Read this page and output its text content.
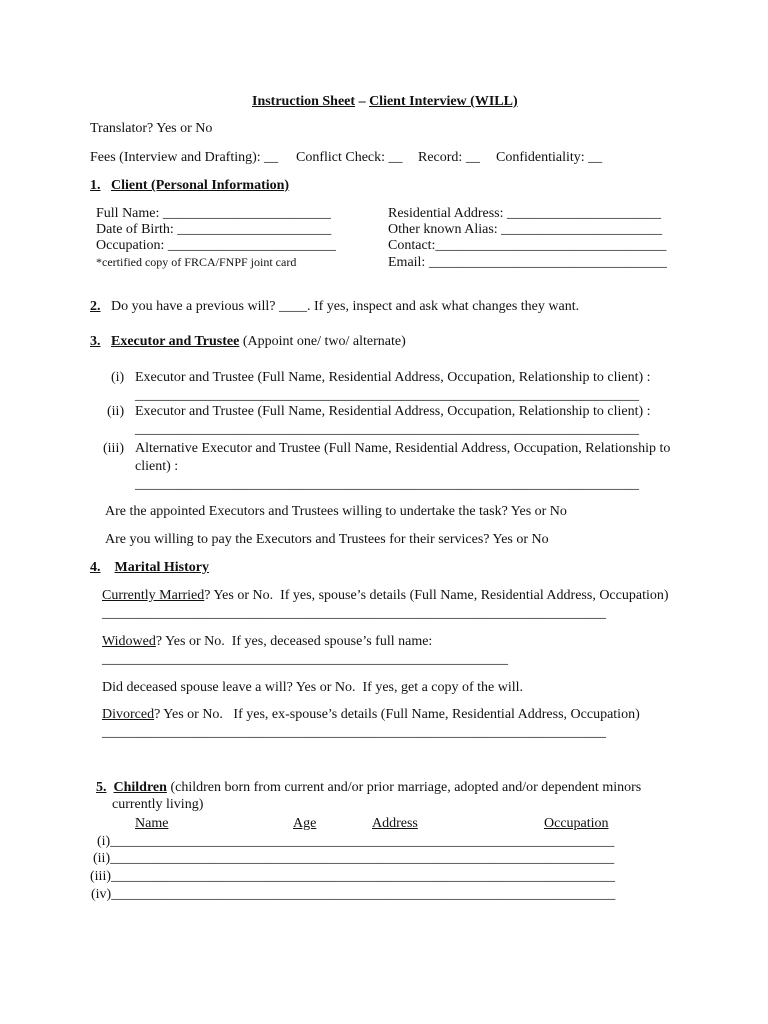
Instruction Sheet – Client Interview (WILL)
Translator? Yes or No
Fees (Interview and Drafting): __ Conflict Check: __ Record: __ Confidentiality: __
1. Client (Personal Information)
Full Name: ________________________
Date of Birth: ______________________
Occupation: ________________________
*certified copy of FRCA/FNPF joint card
Residential Address: ______________________
Other known Alias: _______________________
Contact:_________________________________
Email: __________________________________
2. Do you have a previous will? ____. If yes, inspect and ask what changes they want.
3. Executor and Trustee (Appoint one/ two/ alternate)
(i) Executor and Trustee (Full Name, Residential Address, Occupation, Relationship to client) :
________________________________________________________________________
(ii) Executor and Trustee (Full Name, Residential Address, Occupation, Relationship to client) :
________________________________________________________________________
(iii) Alternative Executor and Trustee (Full Name, Residential Address, Occupation, Relationship to
client) :
________________________________________________________________________
Are the appointed Executors and Trustees willing to undertake the task? Yes or No
Are you willing to pay the Executors and Trustees for their services? Yes or No
4. Marital History
Currently Married? Yes or No.  If yes, spouse’s details (Full Name, Residential Address, Occupation)
________________________________________________________________________
Widowed? Yes or No.  If yes, deceased spouse’s full name:
__________________________________________________________
Did deceased spouse leave a will? Yes or No.  If yes, get a copy of the will.
Divorced? Yes or No.   If yes, ex-spouse’s details (Full Name, Residential Address, Occupation)
________________________________________________________________________
5. Children (children born from current and/or prior marriage, adopted and/or dependent minors
currently living)
Name	Age	Address	Occupation
(i)________________________________________________________________________
(ii)________________________________________________________________________
(iii)________________________________________________________________________
(iv)________________________________________________________________________
